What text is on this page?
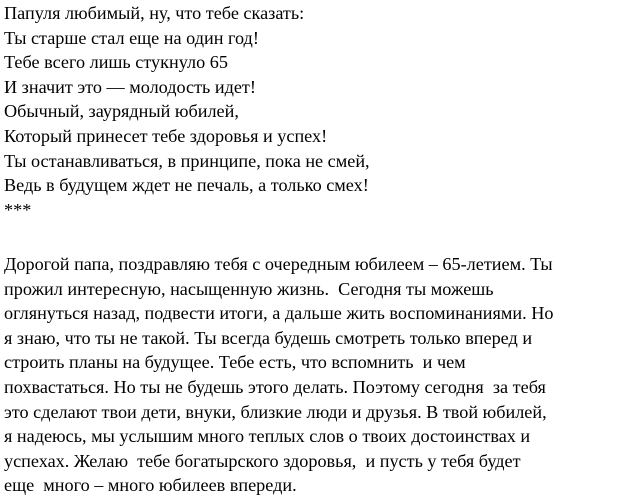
Папуля любимый, ну, что тебе сказать:
Ты старше стал еще на один год!
Тебе всего лишь стукнуло 65
И значит это — молодость идет!
Обычный, заурядный юбилей,
Который принесет тебе здоровья и успех!
Ты останавливаться, в принципе, пока не смей,
Ведь в будущем ждет не печаль, а только смех!
***
Дорогой папа, поздравляю тебя с очередным юбилеем – 65-летием. Ты
прожил интересную, насыщенную жизнь.  Сегодня ты можешь
оглянуться назад, подвести итоги, а дальше жить воспоминаниями. Но
я знаю, что ты не такой. Ты всегда будешь смотреть только вперед и
строить планы на будущее. Тебе есть, что вспомнить  и чем
похвастаться. Но ты не будешь этого делать. Поэтому сегодня  за тебя
это сделают твои дети, внуки, близкие люди и друзья. В твой юбилей,
я надеюсь, мы услышим много теплых слов о твоих достоинствах и
успехах. Желаю  тебе богатырского здоровья,  и пусть у тебя будет
еще  много – много юбилеев впереди.
